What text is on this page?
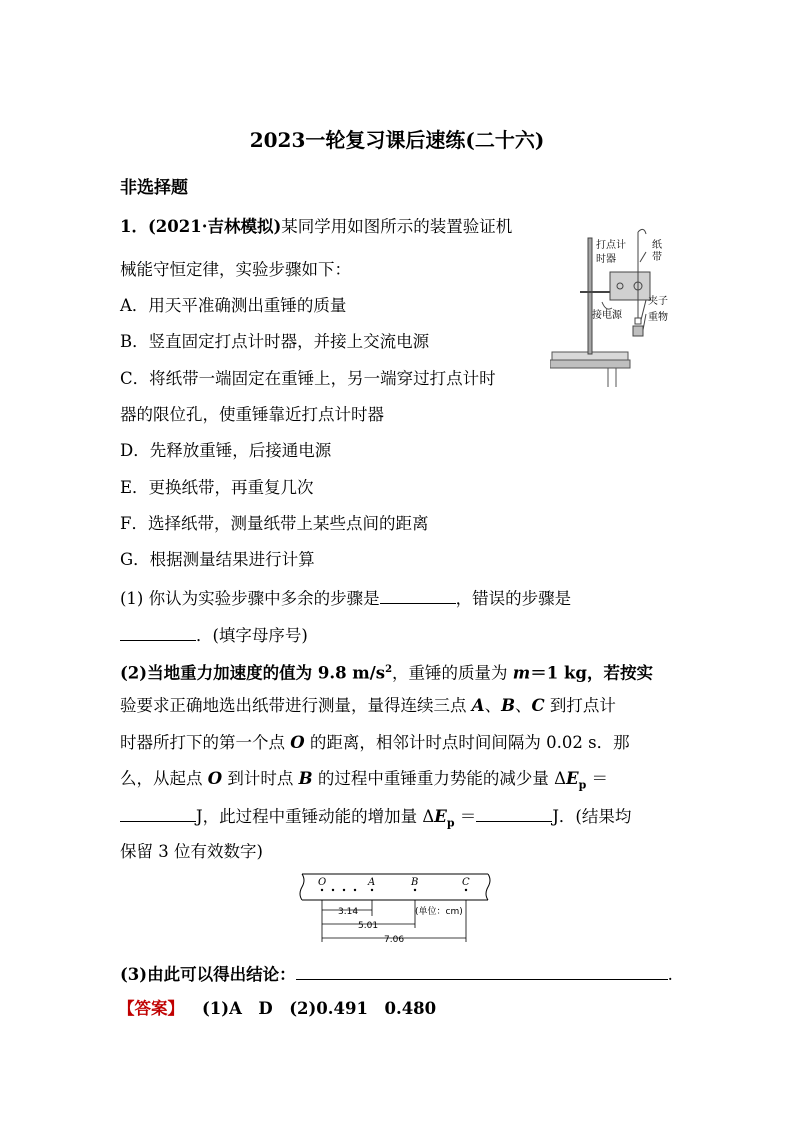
2023一轮复习课后速练(二十六)
非选择题
1．(2021·吉林模拟)某同学用如图所示的装置验证机
械能守恒定律，实验步骤如下：
A．用天平准确测出重锤的质量
B．竖直固定打点计时器，并接上交流电源
C．将纸带一端固定在重锤上，另一端穿过打点计时
器的限位孔，使重锤靠近打点计时器
D．先释放重锤，后接通电源
E．更换纸带，再重复几次
F．选择纸带，测量纸带上某些点间的距离
G．根据测量结果进行计算
(1) 你认为实验步骤中多余的步骤是	，错误的步骤是
．(填字母序号)
(2)当地重力加速度的值为 9.8 $m/s^2$，重锤的质量为 m＝1 kg，若按实
验要求正确地选出纸带进行测量，量得连续三点 A、B、C 到打点计
时器所打下的第一个点 O 的距离，相邻计时点时间间隔为 0.02 s．那
么，从起点 O 到计时点 B 的过程中重锤重力势能的减少量 $\Delta E_p$ ＝
J，此过程中重锤动能的增加量 $\Delta E_p$ ＝	J．(结果均
保留 3 位有效数字)
(3)由此可以得出结论：	.
【答案】 (1)A　D　(2)0.491　0.480
打点计
时器
纸
带
接电源
夹子
重物
O	A	B	C
3.14
5.01
7.06
(单位：cm)
